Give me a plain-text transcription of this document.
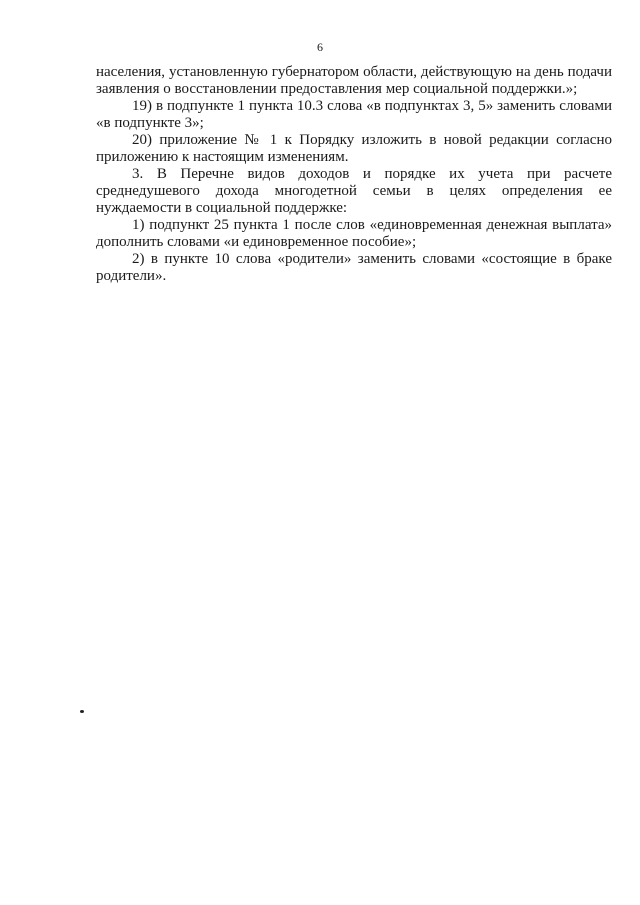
6

населения, установленную губернатором области, действующую на день подачи заявления о восстановлении предоставления мер социальной поддержки.»;

19) в подпункте 1 пункта 10.3 слова «в подпунктах 3, 5» заменить словами «в подпункте 3»;

20) приложение № 1 к Порядку изложить в новой редакции согласно приложению к настоящим изменениям.

3. В Перечне видов доходов и порядке их учета при расчете среднедушевого дохода многодетной семьи в целях определения ее нуждаемости в социальной поддержке:

1) подпункт 25 пункта 1 после слов «единовременная денежная выплата» дополнить словами «и единовременное пособие»;

2) в пункте 10 слова «родители» заменить словами «состоящие в браке родители».
